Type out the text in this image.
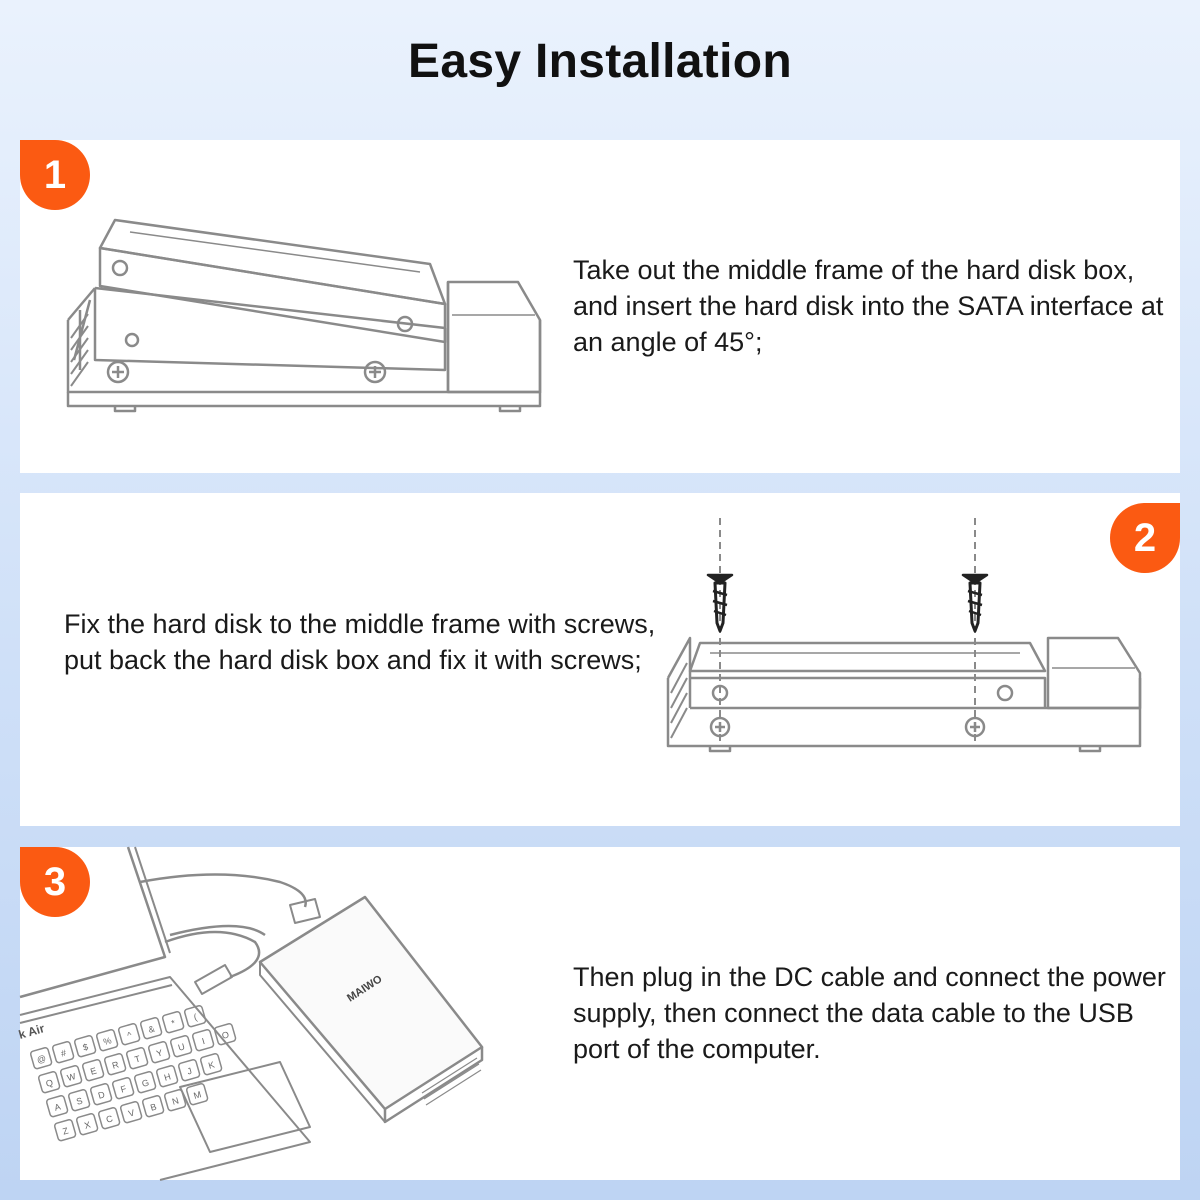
Easy Installation
1
Take out the middle frame of the hard disk box, and insert the hard disk into the SATA interface at an angle of 45°;
2
Fix the hard disk to the middle frame with screws, put back the hard disk box and fix it with screws;
k Air
@ #
$
%
^
&
*
(
Q
W
E
R
T
Y
U
I
O
A
S
D
F
G
H
J
K
Z
X
C
V
B
N
M
MAIWO
3
Then plug in the DC cable and connect the power supply, then connect the data cable to the USB port of the computer.
